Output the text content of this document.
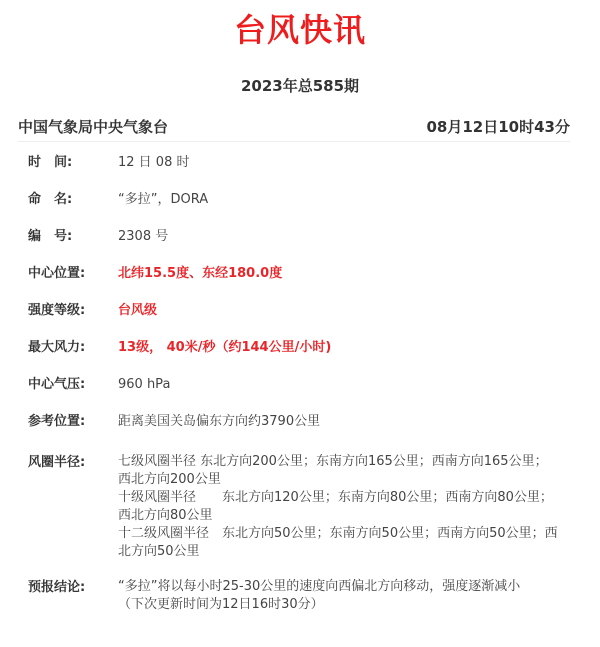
台风快讯
2023年总585期
中国气象局中央气象台	08月12日10时43分
时　间:	12 日 08 时
命　名:	“多拉”，DORA
编　号:	2308 号
中心位置:	北纬15.5度、东经180.0度
强度等级:	台风级
最大风力:	13级， 40米/秒（约144公里/小时)
中心气压:	960 hPa
参考位置:	距离美国关岛偏东方向约3790公里
风圈半径:	七级风圈半径 东北方向200公里；东南方向165公里；西南方向165公里；西北方向200公里
十级风圈半径　　东北方向120公里；东南方向80公里；西南方向80公里；西北方向80公里
十二级风圈半径　东北方向50公里；东南方向50公里；西南方向50公里；西北方向50公里
预报结论:	“多拉”将以每小时25-30公里的速度向西偏北方向移动，强度逐渐减小
（下次更新时间为12日16时30分）
